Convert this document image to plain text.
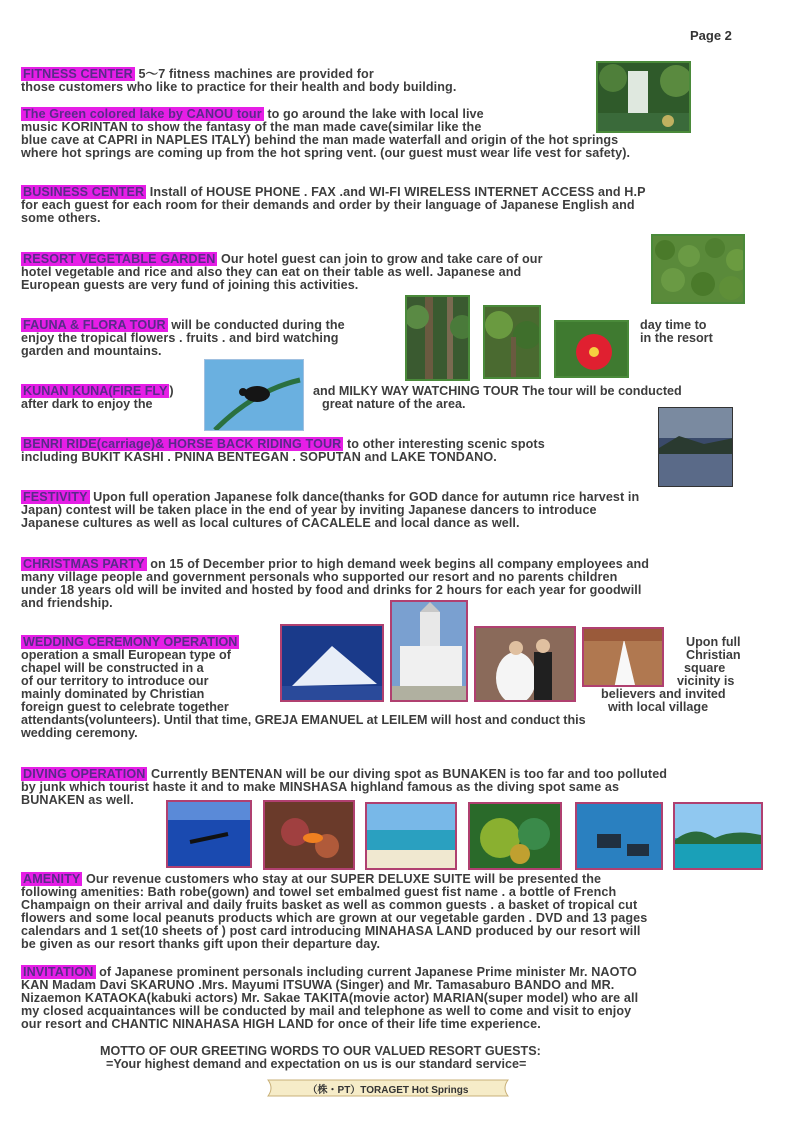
Page 2
FITNESS CENTER 5～7 fitness machines are provided for
those customers who like to practice for their health and body building.
The Green colored lake by CANOU tour to go around the lake with local live
music KORINTAN to show the fantasy of the man made cave(similar like the
blue cave at CAPRI in NAPLES ITALY) behind the man made waterfall and origin of the hot springs
where hot springs are coming up from the hot spring vent. (our guest must wear life vest for safety).
BUSINESS CENTER Install of HOUSE PHONE . FAX .and WI-FI WIRELESS INTERNET ACCESS and H.P
for each guest for each room for their demands and order by their language of Japanese English and
some others.
RESORT VEGETABLE GARDEN Our hotel guest can join to grow and take care of our
hotel vegetable and rice and also they can eat on their table as well. Japanese and
European guests are very fund of joining this activities.
FAUNA & FLORA TOUR will be conducted during the
enjoy the tropical flowers . fruits . and bird watching
garden and mountains.
day time to
in the resort
KUNAN KUNA(FIRE FLY )
after dark to enjoy the
and MILKY WAY WATCHING TOUR The tour will be conducted
great nature of the area.
BENRI RIDE(carriage)& HORSE BACK RIDING TOUR to other interesting scenic spots
including BUKIT KASHI . PNINA BENTEGAN . SOPUTAN and LAKE TONDANO.
FESTIVITY Upon full operation Japanese folk dance(thanks for GOD dance for autumn rice harvest in
Japan) contest will be taken place in the end of year by inviting Japanese dancers to introduce
Japanese cultures as well as local cultures of CACALELE and local dance as well.
CHRISTMAS PARTY on 15 of December prior to high demand week begins all company employees and
many village people and government personals who supported our resort and no parents children
under 18 years old will be invited and hosted by food and drinks for 2 hours for each year for goodwill
and friendship.
WEDDING CEREMONY OPERATION
operation a small European type of
chapel will be constructed in a
of our territory to introduce our
mainly dominated by Christian
foreign guest to celebrate together
Upon full
Christian
square
vicinity is
believers and invited
with local village
attendants(volunteers). Until that time, GREJA EMANUEL at LEILEM will host and conduct this
wedding ceremony.
DIVING OPERATION Currently BENTENAN will be our diving spot as BUNAKEN is too far and too polluted
by junk which tourist haste it and to make MINSHASA highland famous as the diving spot same as
BUNAKEN as well.
AMENITY Our revenue customers who stay at our SUPER DELUXE SUITE will be presented the
following amenities: Bath robe(gown) and towel set embalmed guest fist name . a bottle of French
Champaign on their arrival and daily fruits basket as well as common guests . a basket of tropical cut
flowers and some local peanuts products which are grown at our vegetable garden . DVD and 13 pages
calendars and 1 set(10 sheets of ) post card introducing MINAHASA LAND produced by our resort will
be given as our resort thanks gift upon their departure day.
INVITATION of Japanese prominent personals including current Japanese Prime minister Mr. NAOTO
KAN Madam Davi SKARUNO .Mrs. Mayumi ITSUWA (Singer) and Mr. Tamasaburo BANDO and MR.
Nizaemon KATAOKA(kabuki actors) Mr. Sakae TAKITA(movie actor) MARIAN(super model) who are all
my closed acquaintances will be conducted by mail and telephone as well to come and visit to enjoy
our resort and CHANTIC NINAHASA HIGH LAND for once of their life time experience.
MOTTO OF OUR GREETING WORDS TO OUR VALUED RESORT GUESTS:
=Your highest demand and expectation on us is our standard service=
（株・PT）TORAGET Hot Springs
